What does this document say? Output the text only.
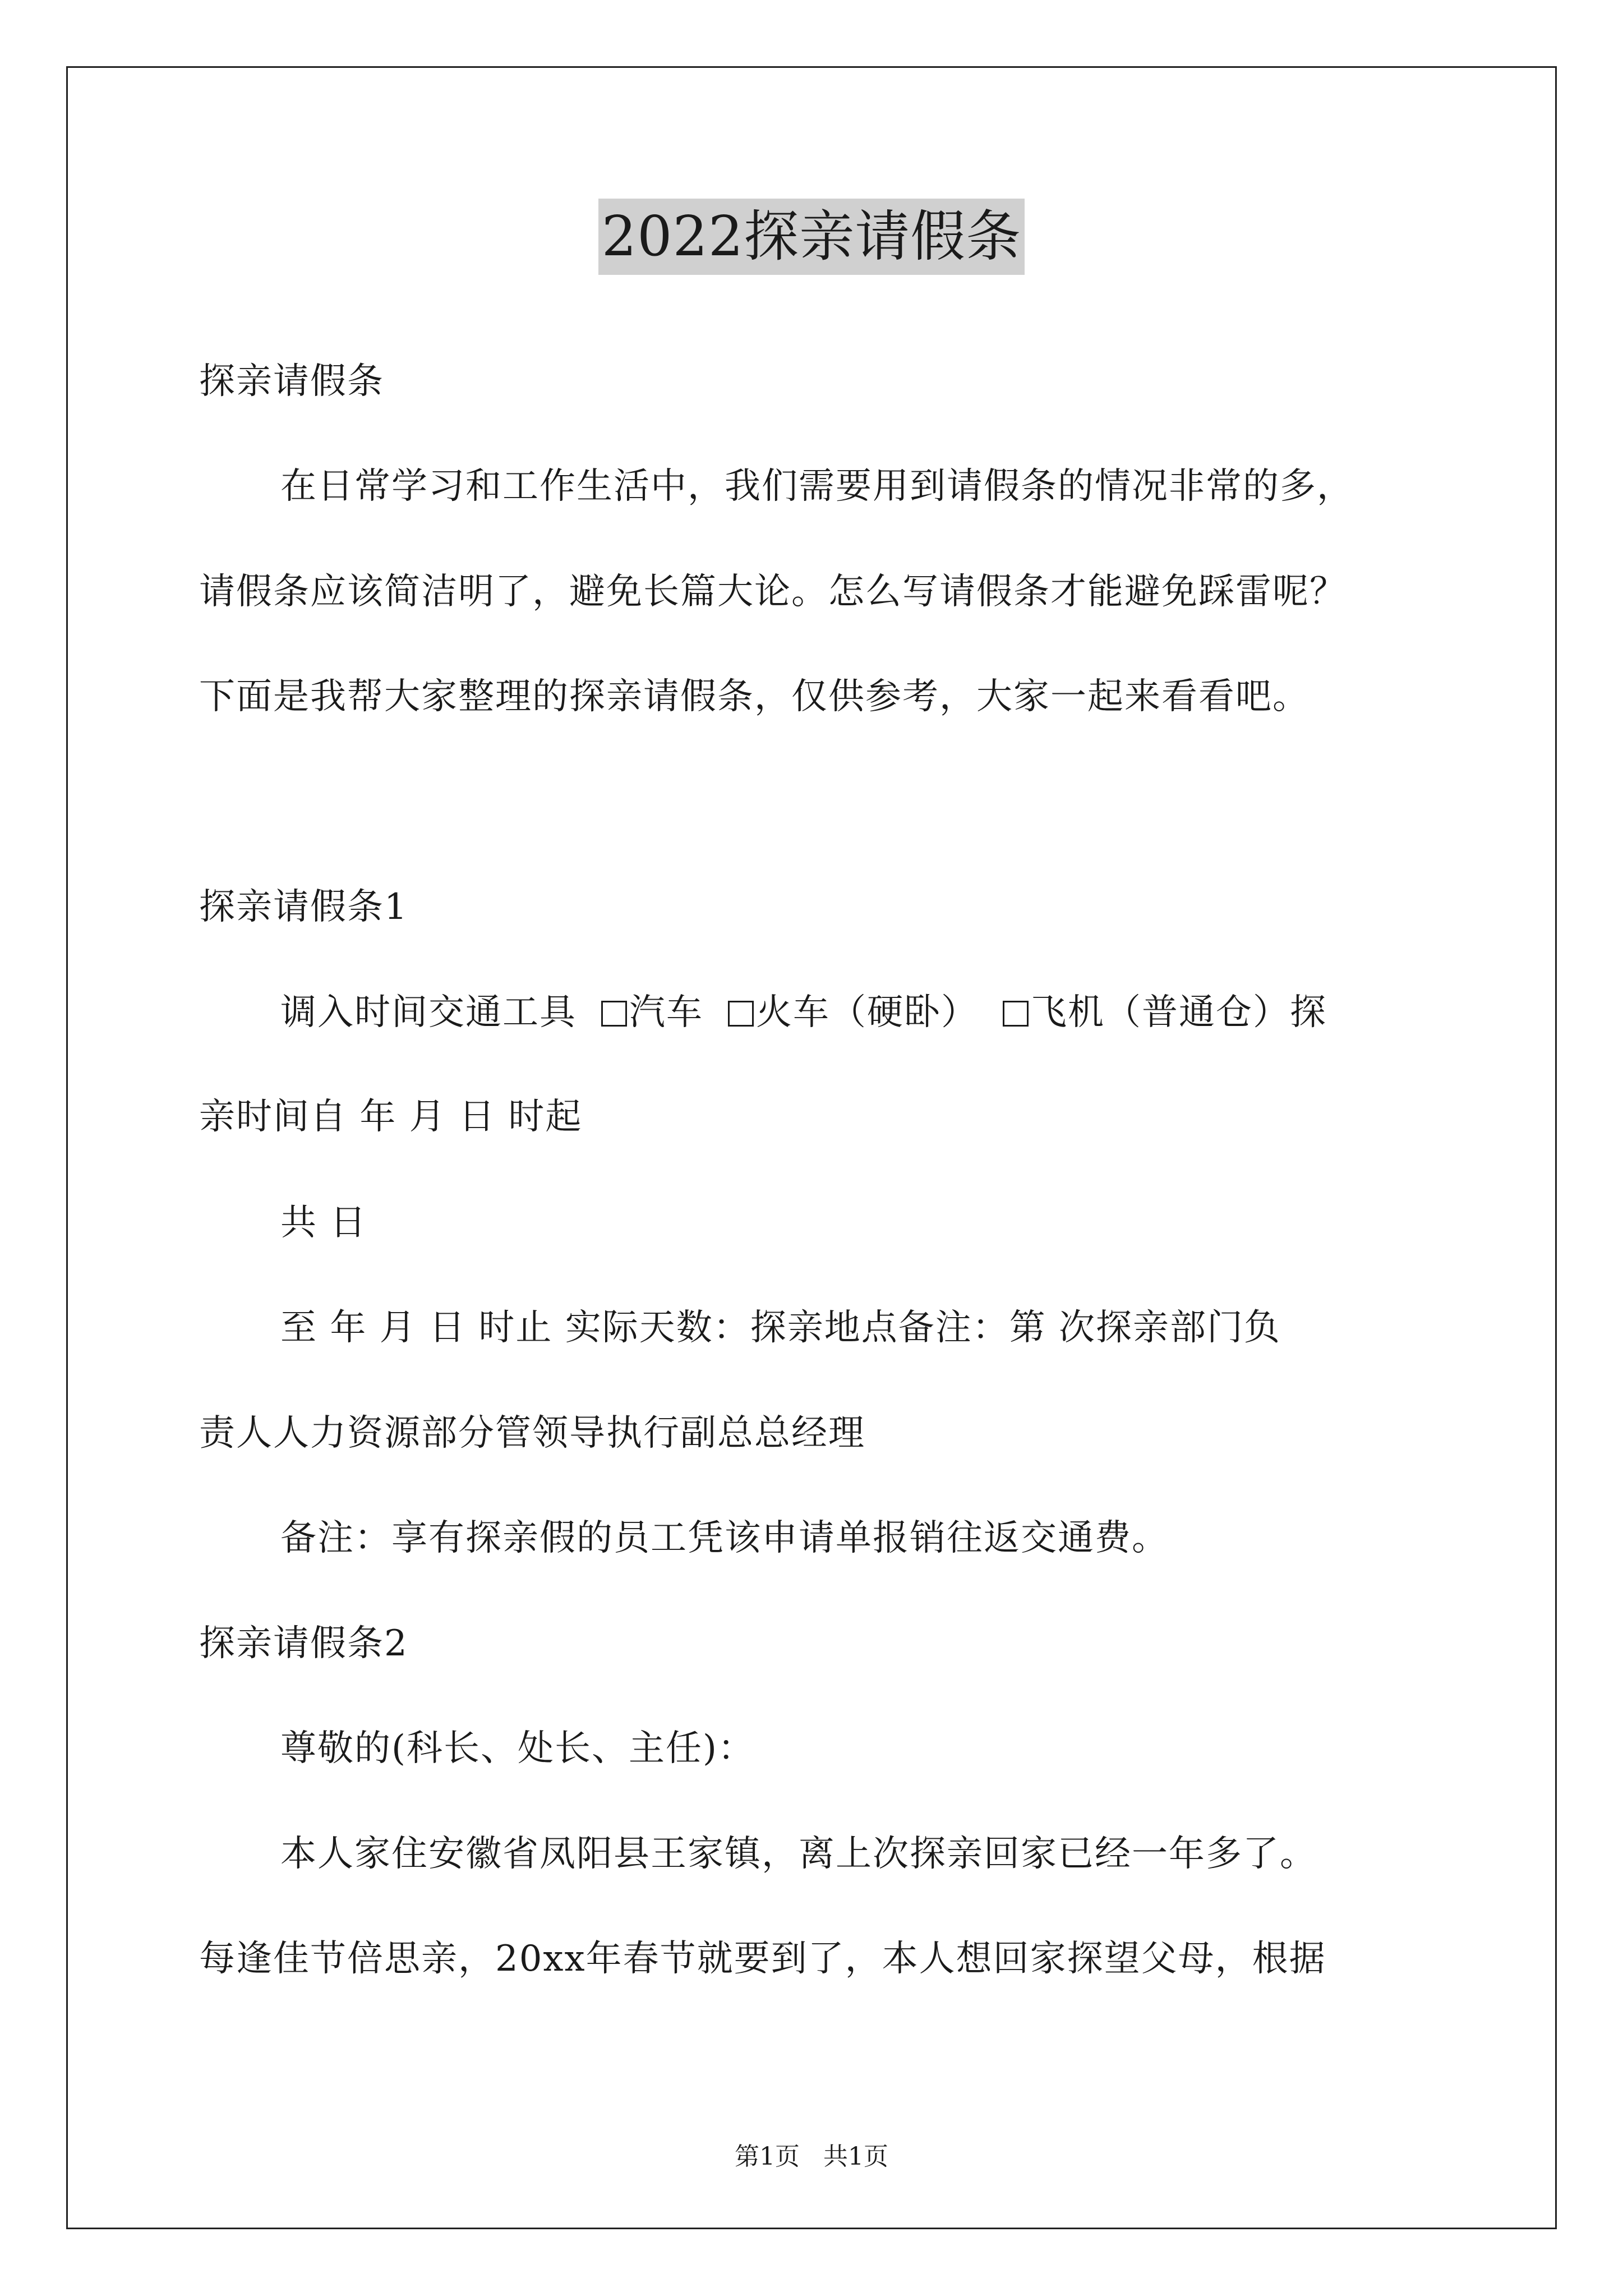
2022探亲请假条
探亲请假条
在日常学习和工作生活中，我们需要用到请假条的情况非常的多，
请假条应该简洁明了，避免长篇大论。怎么写请假条才能避免踩雷呢？
下面是我帮大家整理的探亲请假条，仅供参考，大家一起来看看吧。
探亲请假条1
调入时间交通工具 汽车 火车（硬卧） 飞机（普通仓）探
亲时间自 年 月 日 时起
共 日
至 年 月 日 时止 实际天数：探亲地点备注：第 次探亲部门负
责人人力资源部分管领导执行副总总经理
备注：享有探亲假的员工凭该申请单报销往返交通费。
探亲请假条2
尊敬的(科长、处长、主任)：
本人家住安徽省凤阳县王家镇，离上次探亲回家已经一年多了。
每逢佳节倍思亲，20xx年春节就要到了，本人想回家探望父母，根据
第1页 共1页
